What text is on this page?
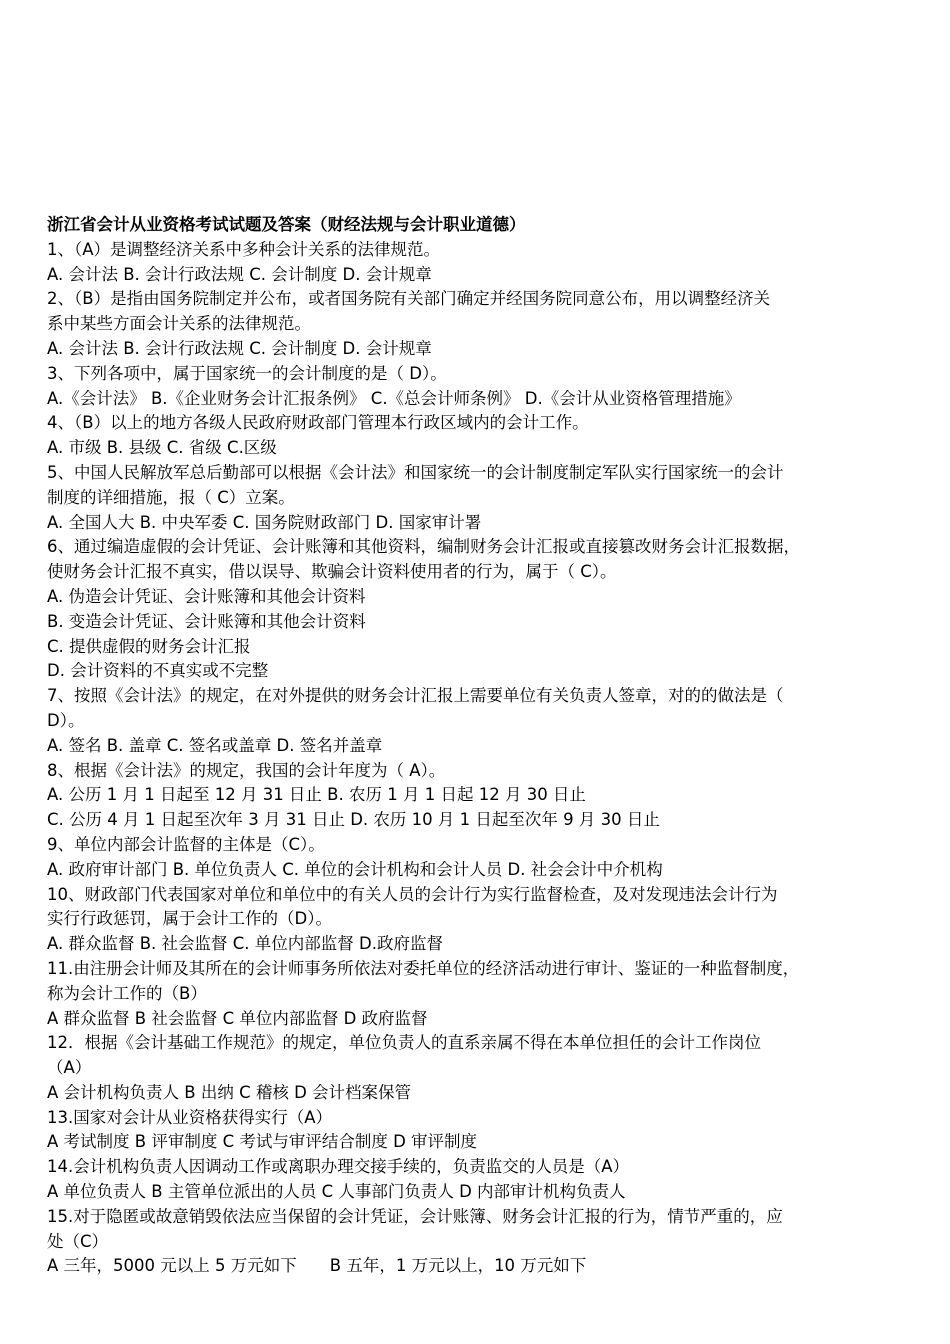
浙江省会计从业资格考试试题及答案（财经法规与会计职业道德）

1、（A）是调整经济关系中多种会计关系的法律规范。

A. 会计法 B. 会计行政法规 C. 会计制度 D. 会计规章

2、（B）是指由国务院制定并公布，或者国务院有关部门确定并经国务院同意公布，用以调整经济关

系中某些方面会计关系的法律规范。

A. 会计法 B. 会计行政法规 C. 会计制度 D. 会计规章

3、下列各项中，属于国家统一的会计制度的是（ D）。

A.《会计法》 B.《企业财务会计汇报条例》 C.《总会计师条例》 D.《会计从业资格管理措施》

4、（B）以上的地方各级人民政府财政部门管理本行政区域内的会计工作。

A. 市级 B. 县级 C. 省级 C.区级

5、中国人民解放军总后勤部可以根据《会计法》和国家统一的会计制度制定军队实行国家统一的会计

制度的详细措施，报（ C）立案。

A. 全国人大 B. 中央军委 C. 国务院财政部门 D. 国家审计署

6、通过编造虚假的会计凭证、会计账簿和其他资料，编制财务会计汇报或直接篡改财务会计汇报数据，

使财务会计汇报不真实，借以误导、欺骗会计资料使用者的行为，属于（ C）。

A. 伪造会计凭证、会计账簿和其他会计资料

B. 变造会计凭证、会计账簿和其他会计资料

C. 提供虚假的财务会计汇报

D. 会计资料的不真实或不完整

7、按照《会计法》的规定，在对外提供的财务会计汇报上需要单位有关负责人签章，对的的做法是（

D）。

A. 签名 B. 盖章 C. 签名或盖章 D. 签名并盖章

8、根据《会计法》的规定，我国的会计年度为（ A）。

A. 公历 1 月 1 日起至 12 月 31 日止 B. 农历 1 月 1 日起 12 月 30 日止

C. 公历 4 月 1 日起至次年 3 月 31 日止 D. 农历 10 月 1 日起至次年 9 月 30 日止

9、单位内部会计监督的主体是（C）。

A. 政府审计部门 B. 单位负责人 C. 单位的会计机构和会计人员 D. 社会会计中介机构

10、财政部门代表国家对单位和单位中的有关人员的会计行为实行监督检查，及对发现违法会计行为

实行行政惩罚，属于会计工作的（D）。

A. 群众监督 B. 社会监督 C. 单位内部监督 D.政府监督

11.由注册会计师及其所在的会计师事务所依法对委托单位的经济活动进行审计、鉴证的一种监督制度，

称为会计工作的（B）

A 群众监督 B 社会监督 C 单位内部监督 D 政府监督

12．根据《会计基础工作规范》的规定，单位负责人的直系亲属不得在本单位担任的会计工作岗位

（A）

A 会计机构负责人 B 出纳 C 稽核 D 会计档案保管

13.国家对会计从业资格获得实行（A）

A 考试制度 B 评审制度 C 考试与审评结合制度 D 审评制度

14.会计机构负责人因调动工作或离职办理交接手续的，负责监交的人员是（A）

A 单位负责人 B 主管单位派出的人员 C 人事部门负责人 D 内部审计机构负责人

15.对于隐匿或故意销毁依法应当保留的会计凭证，会计账簿、财务会计汇报的行为，情节严重的，应

处（C）

A 三年，5000 元以上 5 万元如下　　B 五年，1 万元以上，10 万元如下
